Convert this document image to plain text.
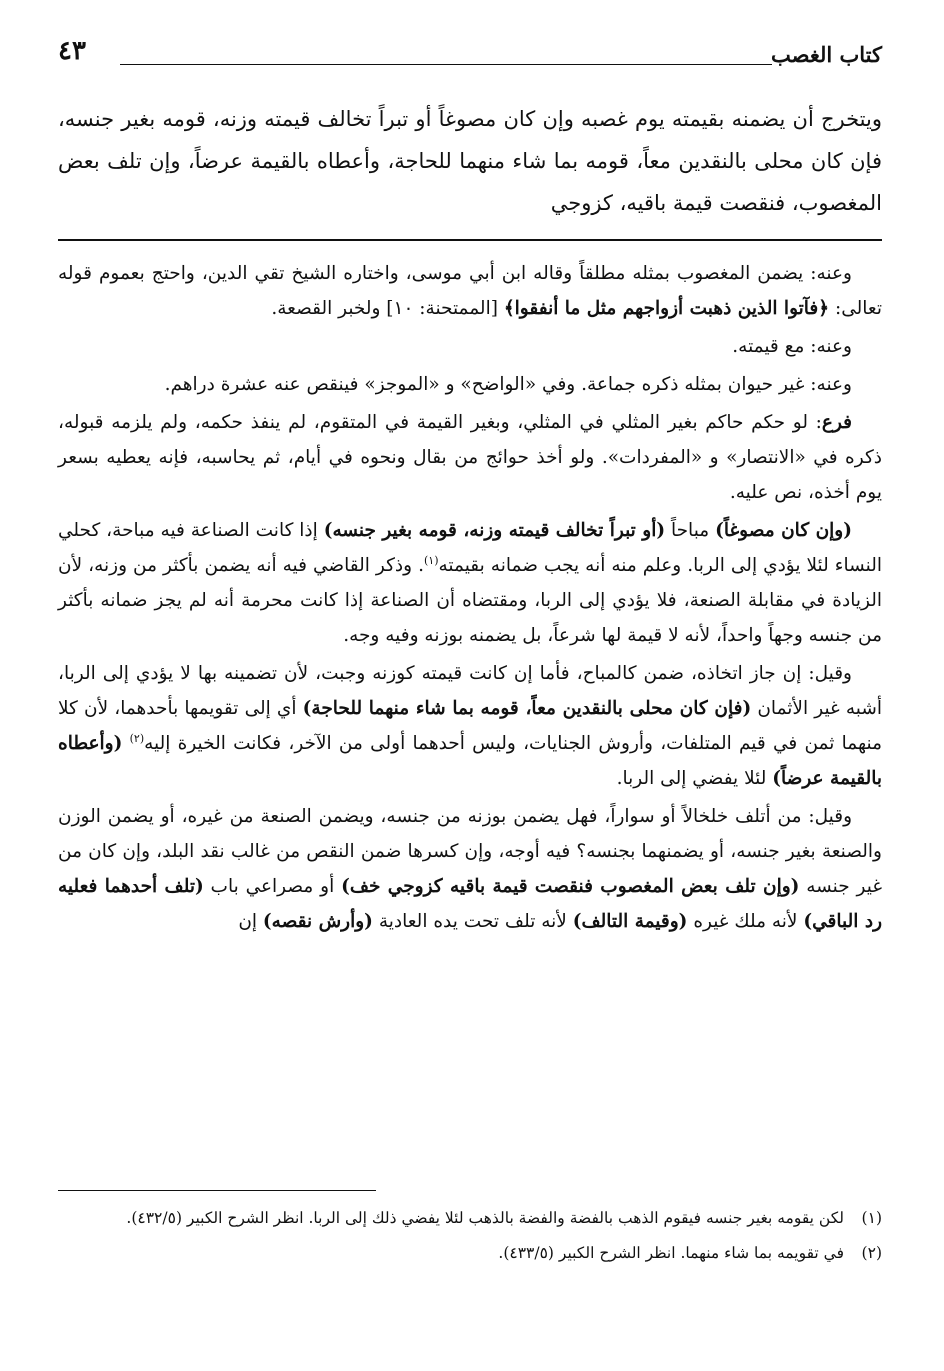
كتاب الغصب
٤٣
ويتخرج أن يضمنه بقيمته يوم غصبه وإن كان مصوغاً أو تبراً تخالف قيمته وزنه، قومه بغير جنسه، فإن كان محلى بالنقدين معاً، قومه بما شاء منهما للحاجة، وأعطاه بالقيمة عرضاً، وإن تلف بعض المغصوب، فنقصت قيمة باقيه، كزوجي

وعنه: يضمن المغصوب بمثله مطلقاً وقاله ابن أبي موسى، واختاره الشيخ تقي الدين، واحتج بعموم قوله تعالى: ﴿فآتوا الذين ذهبت أزواجهم مثل ما أنفقوا﴾ [الممتحنة: ١٠] ولخبر القصعة.

وعنه: مع قيمته.

وعنه: غير حيوان بمثله ذكره جماعة. وفي «الواضح» و «الموجز» فينقص عنه عشرة دراهم.

فرع: لو حكم حاكم بغير المثلي في المثلي، وبغير القيمة في المتقوم، لم ينفذ حكمه، ولم يلزمه قبوله، ذكره في «الانتصار» و «المفردات». ولو أخذ حوائج من بقال ونحوه في أيام، ثم يحاسبه، فإنه يعطيه بسعر يوم أخذه، نص عليه.

(وإن كان مصوغاً) مباحاً (أو تبراً تخالف قيمته وزنه، قومه بغير جنسه) إذا كانت الصناعة فيه مباحة، كحلي النساء لئلا يؤدي إلى الربا. وعلم منه أنه يجب ضمانه بقيمته$^{(١)}$. وذكر القاضي فيه أنه يضمن بأكثر من وزنه، لأن الزيادة في مقابلة الصنعة، فلا يؤدي إلى الربا، ومقتضاه أن الصناعة إذا كانت محرمة أنه لم يجز ضمانه بأكثر من جنسه وجهاً واحداً، لأنه لا قيمة لها شرعاً، بل يضمنه بوزنه وفيه وجه.

وقيل: إن جاز اتخاذه، ضمن كالمباح، فأما إن كانت قيمته كوزنه وجبت، لأن تضمينه بها لا يؤدي إلى الربا، أشبه غير الأثمان (فإن كان محلى بالنقدين معاً، قومه بما شاء منهما للحاجة) أي إلى تقويمها بأحدهما، لأن كلا منهما ثمن في قيم المتلفات، وأروش الجنايات، وليس أحدهما أولى من الآخر، فكانت الخيرة إليه$^{(٢)}$ (وأعطاه بالقيمة عرضاً) لئلا يفضي إلى الربا.

وقيل: من أتلف خلخالاً أو سواراً، فهل يضمن بوزنه من جنسه، ويضمن الصنعة من غيره، أو يضمن الوزن والصنعة بغير جنسه، أو يضمنهما بجنسه؟ فيه أوجه، وإن كسرها ضمن النقص من غالب نقد البلد، وإن كان من غير جنسه (وإن تلف بعض المغصوب فنقصت قيمة باقيه كزوجي خف) أو مصراعي باب (تلف أحدهما فعليه رد الباقي) لأنه ملك غيره (وقيمة التالف) لأنه تلف تحت يده العادية (وأرش نقصه) إن

(١)
لكن يقومه بغير جنسه فيقوم الذهب بالفضة والفضة بالذهب لئلا يفضي ذلك إلى الربا. انظر الشرح الكبير (٤٣٢/٥).
(٢)
في تقويمه بما شاء منهما. انظر الشرح الكبير (٤٣٣/٥).
